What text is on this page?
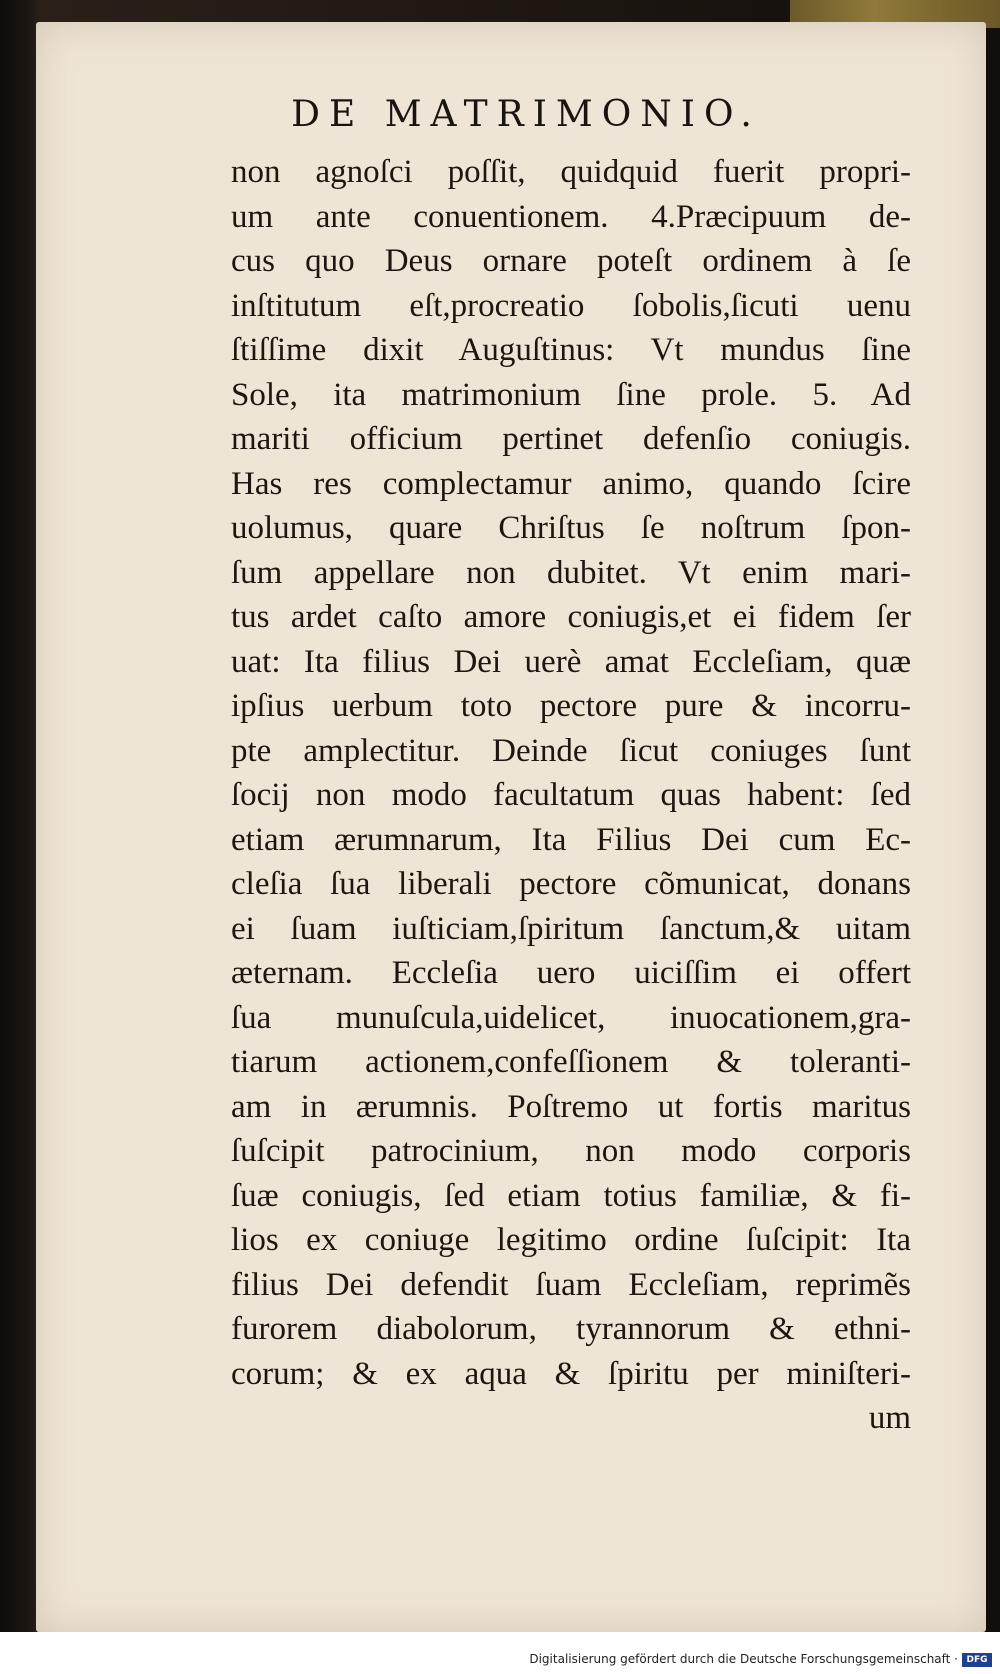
DE MATRIMONIO.
non agnoſci poſſit, quidquid fuerit propri-
um ante conuentionem. 4.Præcipuum de-
cus quo Deus ornare poteſt ordinem à ſe
inſtitutum eſt,procreatio ſobolis,ſicuti uenu
ſtiſſime dixit Auguſtinus: Vt mundus ſine
Sole, ita matrimonium ſine prole. 5. Ad
mariti officium pertinet defenſio coniugis.
Has res complectamur animo, quando ſcire
uolumus, quare Chriſtus ſe noſtrum ſpon-
ſum appellare non dubitet. Vt enim mari-
tus ardet caſto amore coniugis,et ei fidem ſer
uat: Ita filius Dei uerè amat Eccleſiam, quæ
ipſius uerbum toto pectore pure & incorru-
pte amplectitur. Deinde ſicut coniuges ſunt
ſocij non modo facultatum quas habent: ſed
etiam ærumnarum, Ita Filius Dei cum Ec-
cleſia ſua liberali pectore cõmunicat, donans
ei ſuam iuſticiam,ſpiritum ſanctum,& uitam
æternam. Eccleſia uero uiciſſim ei offert
ſua munuſcula,uidelicet, inuocationem,gra-
tiarum actionem,confeſſionem & toleranti-
am in ærumnis. Poſtremo ut fortis maritus
ſuſcipit patrocinium, non modo corporis
ſuæ coniugis, ſed etiam totius familiæ, & fi-
lios ex coniuge legitimo ordine ſuſcipit: Ita
filius Dei defendit ſuam Eccleſiam, reprimẽs
furorem diabolorum, tyrannorum & ethni-
corum; & ex aqua & ſpiritu per miniſteri-
um
Digitalisierung gefördert durch die Deutsche Forschungsgemeinschaft · DFG
